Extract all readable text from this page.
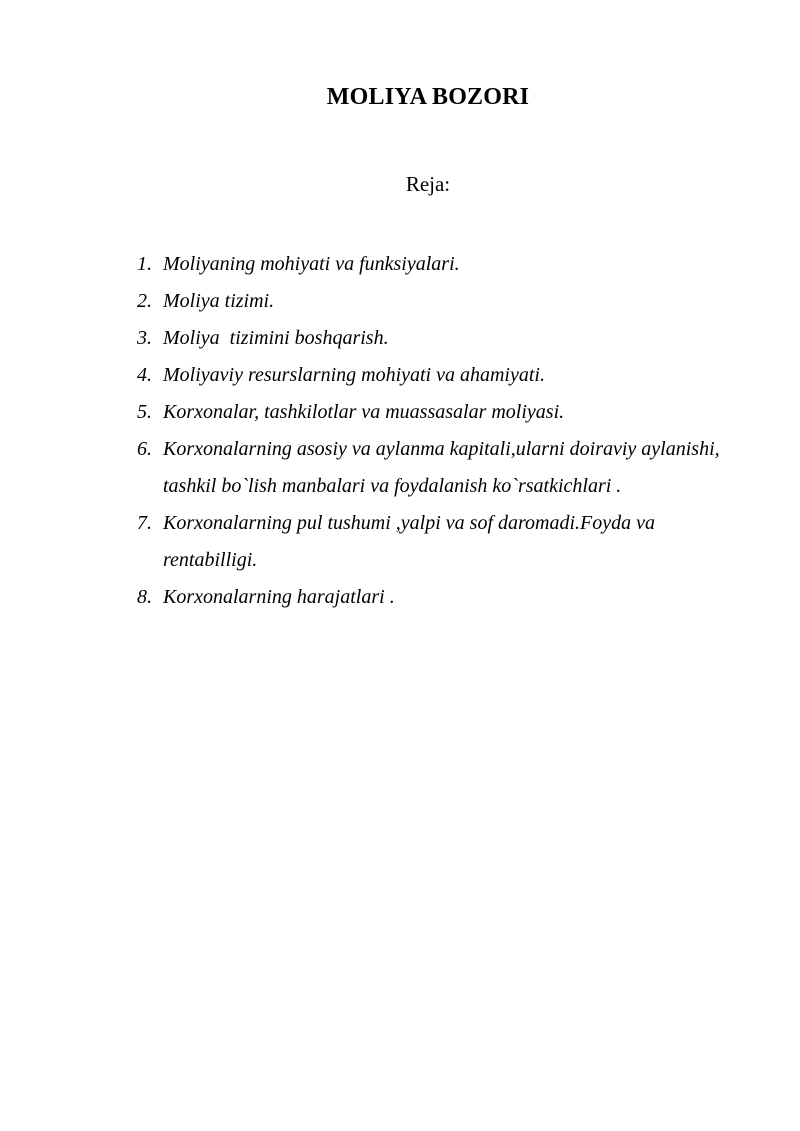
MOLIYA BOZORI
Reja:
1. Moliyaning mohiyati va funksiyalari.
2. Moliya tizimi.
3. Moliya  tizimini boshqarish.
4. Moliyaviy resurslarning mohiyati va ahamiyati.
5. Korxonalar, tashkilotlar va muassasalar moliyasi.
6. Korxonalarning asosiy va aylanma kapitali,ularni doiraviy aylanishi, tashkil bo`lish manbalari va foydalanish ko`rsatkichlari .
7. Korxonalarning pul tushumi ,yalpi va sof daromadi.Foyda va rentabilligi.
8. Korxonalarning harajatlari .
